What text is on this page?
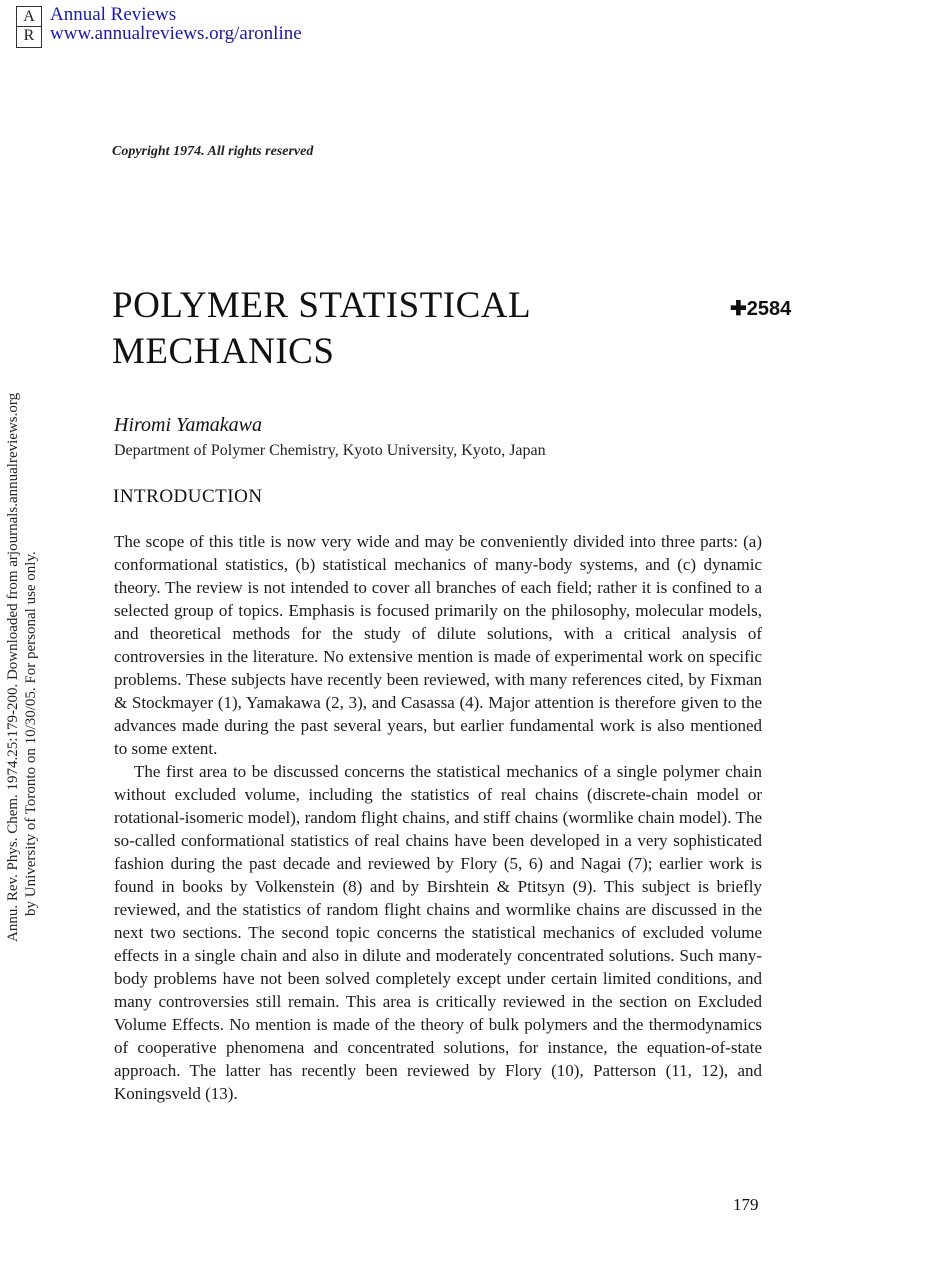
A
R
Annual Reviews
www.annualreviews.org/aronline
Annu. Rev. Phys. Chem. 1974.25:179-200. Downloaded from arjournals.annualreviews.org by University of Toronto on 10/30/05. For personal use only.
Copyright 1974. All rights reserved
POLYMER STATISTICAL
MECHANICS
✚2584
Hiromi Yamakawa
Department of Polymer Chemistry, Kyoto University, Kyoto, Japan
INTRODUCTION

The scope of this title is now very wide and may be conveniently divided into three parts: (a) conformational statistics, (b) statistical mechanics of many-body systems, and (c) dynamic theory. The review is not intended to cover all branches of each field; rather it is confined to a selected group of topics. Emphasis is focused primarily on the philosophy, molecular models, and theoretical methods for the study of dilute solutions, with a critical analysis of controversies in the literature. No extensive mention is made of experimental work on specific problems. These subjects have recently been reviewed, with many references cited, by Fixman & Stockmayer (1), Yamakawa (2, 3), and Casassa (4). Major attention is therefore given to the advances made during the past several years, but earlier fundamental work is also mentioned to some extent.

The first area to be discussed concerns the statistical mechanics of a single polymer chain without excluded volume, including the statistics of real chains (discrete-chain model or rotational-isomeric model), random flight chains, and stiff chains (wormlike chain model). The so-called conformational statistics of real chains have been developed in a very sophisticated fashion during the past decade and reviewed by Flory (5, 6) and Nagai (7); earlier work is found in books by Volkenstein (8) and by Birshtein & Ptitsyn (9). This subject is briefly reviewed, and the statistics of random flight chains and wormlike chains are discussed in the next two sections. The second topic concerns the statistical mechanics of excluded volume effects in a single chain and also in dilute and moderately concentrated solutions. Such many-body problems have not been solved completely except under certain limited conditions, and many controversies still remain. This area is critically reviewed in the section on Excluded Volume Effects. No mention is made of the theory of bulk polymers and the thermodynamics of cooperative phenomena and concentrated solutions, for instance, the equation-of-state approach. The latter has recently been reviewed by Flory (10), Patterson (11, 12), and Koningsveld (13).

179
